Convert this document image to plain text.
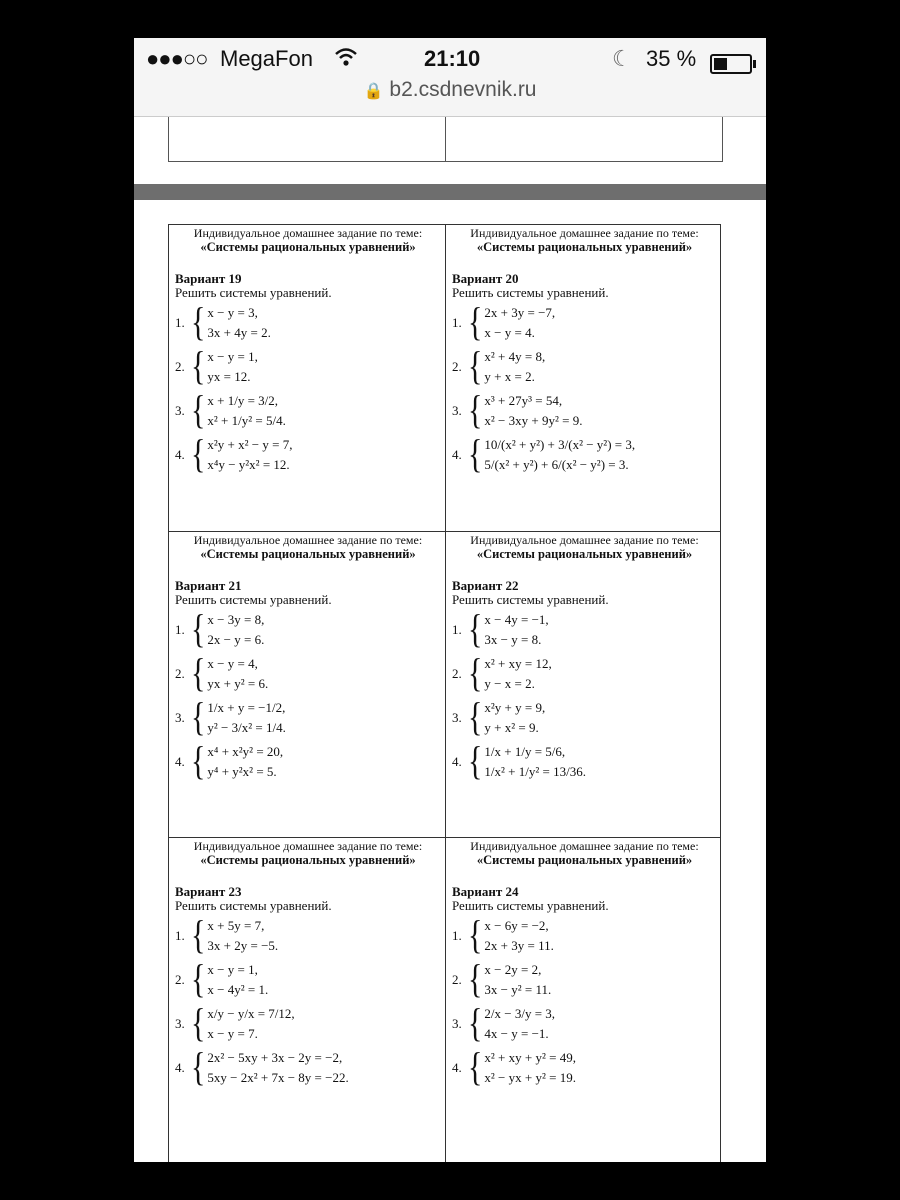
●●●○○ MegaFon	21:10	☾ 35 %
🔒 b2.csdnevnik.ru
Индивидуальное домашнее задание по теме:
«Системы рациональных уравнений»
Вариант 19
Решить системы уравнений.
1. { x − y = 3,
3x + 4y = 2.
2. { x − y = 1,
yx = 12.
3. { x + 1/y = 3/2,
x² + 1/y² = 5/4.
4. { x²y + x² − y = 7,
x⁴y − y²x² = 12.
Индивидуальное домашнее задание по теме:
«Системы рациональных уравнений»
Вариант 20
Решить системы уравнений.
1. { 2x + 3y = −7,
x − y = 4.
2. { x² + 4y = 8,
y + x = 2.
3. { x³ + 27y³ = 54,
x² − 3xy + 9y² = 9.
4. { 10/(x² + y²) + 3/(x² − y²) = 3,
5/(x² + y²) + 6/(x² − y²) = 3.
Индивидуальное домашнее задание по теме:
«Системы рациональных уравнений»
Вариант 21
Решить системы уравнений.
1. { x − 3y = 8,
2x − y = 6.
2. { x − y = 4,
yx + y² = 6.
3. { 1/x + y = −1/2,
y² − 3/x² = 1/4.
4. { x⁴ + x²y² = 20,
y⁴ + y²x² = 5.
Индивидуальное домашнее задание по теме:
«Системы рациональных уравнений»
Вариант 22
Решить системы уравнений.
1. { x − 4y = −1,
3x − y = 8.
2. { x² + xy = 12,
y − x = 2.
3. { x²y + y = 9,
y + x² = 9.
4. { 1/x + 1/y = 5/6,
1/x² + 1/y² = 13/36.
Индивидуальное домашнее задание по теме:
«Системы рациональных уравнений»
Вариант 23
Решить системы уравнений.
1. { x + 5y = 7,
3x + 2y = −5.
2. { x − y = 1,
x − 4y² = 1.
3. { x/y − y/x = 7/12,
x − y = 7.
4. { 2x² − 5xy + 3x − 2y = −2,
5xy − 2x² + 7x − 8y = −22.
Индивидуальное домашнее задание по теме:
«Системы рациональных уравнений»
Вариант 24
Решить системы уравнений.
1. { x − 6y = −2,
2x + 3y = 11.
2. { x − 2y = 2,
3x − y² = 11.
3. { 2/x − 3/y = 3,
4x − y = −1.
4. { x² + xy + y² = 49,
x² − yx + y² = 19.
